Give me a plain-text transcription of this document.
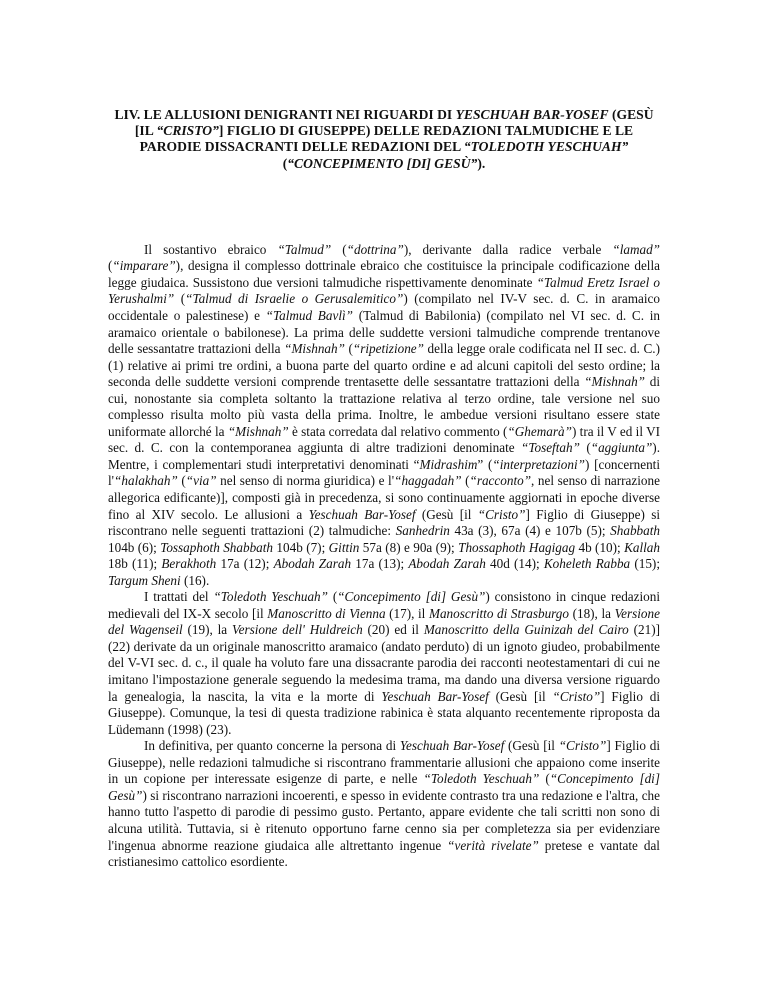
LIV. LE ALLUSIONI DENIGRANTI NEI RIGUARDI DI YESCHUAH BAR-YOSEF (GESÙ [IL “CRISTO”] FIGLIO DI GIUSEPPE) DELLE REDAZIONI TALMUDICHE E LE PARODIE DISSACRANTI DELLE REDAZIONI DEL “TOLEDOTH YESCHUAH” (“CONCEPIMENTO [DI] GESÙ”).

Il sostantivo ebraico “Talmud” (“dottrina”), derivante dalla radice verbale “lamad” (“imparare”), designa il complesso dottrinale ebraico che costituisce la principale codificazione della legge giudaica. Sussistono due versioni talmudiche rispettivamente denominate “Talmud Eretz Israel o Yerushalmi” (“Talmud di Israelie o Gerusalemitico”) (compilato nel IV-V sec. d. C. in aramaico occidentale o palestinese) e “Talmud Bavlì” (Talmud di Babilonia) (compilato nel VI sec. d. C. in aramaico orientale o babilonese). La prima delle suddette versioni talmudiche comprende trentanove delle sessantatre trattazioni della “Mishnah” (“ripetizione” della legge orale codificata nel II sec. d. C.) (1) relative ai primi tre ordini, a buona parte del quarto ordine e ad alcuni capitoli del sesto ordine; la seconda delle suddette versioni comprende trentasette delle sessantatre trattazioni della “Mishnah” di cui, nonostante sia completa soltanto la trattazione relativa al terzo ordine, tale versione nel suo complesso risulta molto più vasta della prima. Inoltre, le ambedue versioni risultano essere state uniformate allorché la “Mishnah” è stata corredata dal relativo commento (“Ghemarà”) tra il V ed il VI sec. d. C. con la contemporanea aggiunta di altre tradizioni denominate “Toseftah” (“aggiunta”). Mentre, i complementari studi interpretativi denominati “Midrashim” (“interpretazioni”) [concernenti l'“halakhah” (“via” nel senso di norma giuridica) e l'“haggadah” (“racconto”, nel senso di narrazione allegorica edificante)], composti già in precedenza, si sono continuamente aggiornati in epoche diverse fino al XIV secolo. Le allusioni a Yeschuah Bar-Yosef (Gesù [il “Cristo”] Figlio di Giuseppe) si riscontrano nelle seguenti trattazioni (2) talmudiche: Sanhedrin 43a (3), 67a (4) e 107b (5); Shabbath 104b (6); Tossaphoth Shabbath 104b (7); Gittin 57a (8) e 90a (9); Thossaphoth Hagigag 4b (10); Kallah 18b (11); Berakhoth 17a (12); Abodah Zarah 17a (13); Abodah Zarah 40d (14); Koheleth Rabba (15); Targum Sheni (16).

I trattati del “Toledoth Yeschuah” (“Concepimento [di] Gesù”) consistono in cinque redazioni medievali del IX-X secolo [il Manoscritto di Vienna (17), il Manoscritto di Strasburgo (18), la Versione del Wagenseil (19), la Versione dell' Huldreich (20) ed il Manoscritto della Guinizah del Cairo (21)] (22) derivate da un originale manoscritto aramaico (andato perduto) di un ignoto giudeo, probabilmente del V-VI sec. d. c., il quale ha voluto fare una dissacrante parodia dei racconti neotestamentari di cui ne imitano l'impostazione generale seguendo la medesima trama, ma dando una diversa versione riguardo la genealogia, la nascita, la vita e la morte di Yeschuah Bar-Yosef (Gesù [il “Cristo”] Figlio di Giuseppe). Comunque, la tesi di questa tradizione rabinica è stata alquanto recentemente riproposta da Lüdemann (1998) (23).

In definitiva, per quanto concerne la persona di Yeschuah Bar-Yosef (Gesù [il “Cristo”] Figlio di Giuseppe), nelle redazioni talmudiche si riscontrano frammentarie allusioni che appaiono come inserite in un copione per interessate esigenze di parte, e nelle “Toledoth Yeschuah” (“Concepimento [di] Gesù”) si riscontrano narrazioni incoerenti, e spesso in evidente contrasto tra una redazione e l'altra, che hanno tutto l'aspetto di parodie di pessimo gusto. Pertanto, appare evidente che tali scritti non sono di alcuna utilità. Tuttavia, si è ritenuto opportuno farne cenno sia per completezza sia per evidenziare l'ingenua abnorme reazione giudaica alle altrettanto ingenue “verità rivelate” pretese e vantate dal cristianesimo cattolico esordiente.
